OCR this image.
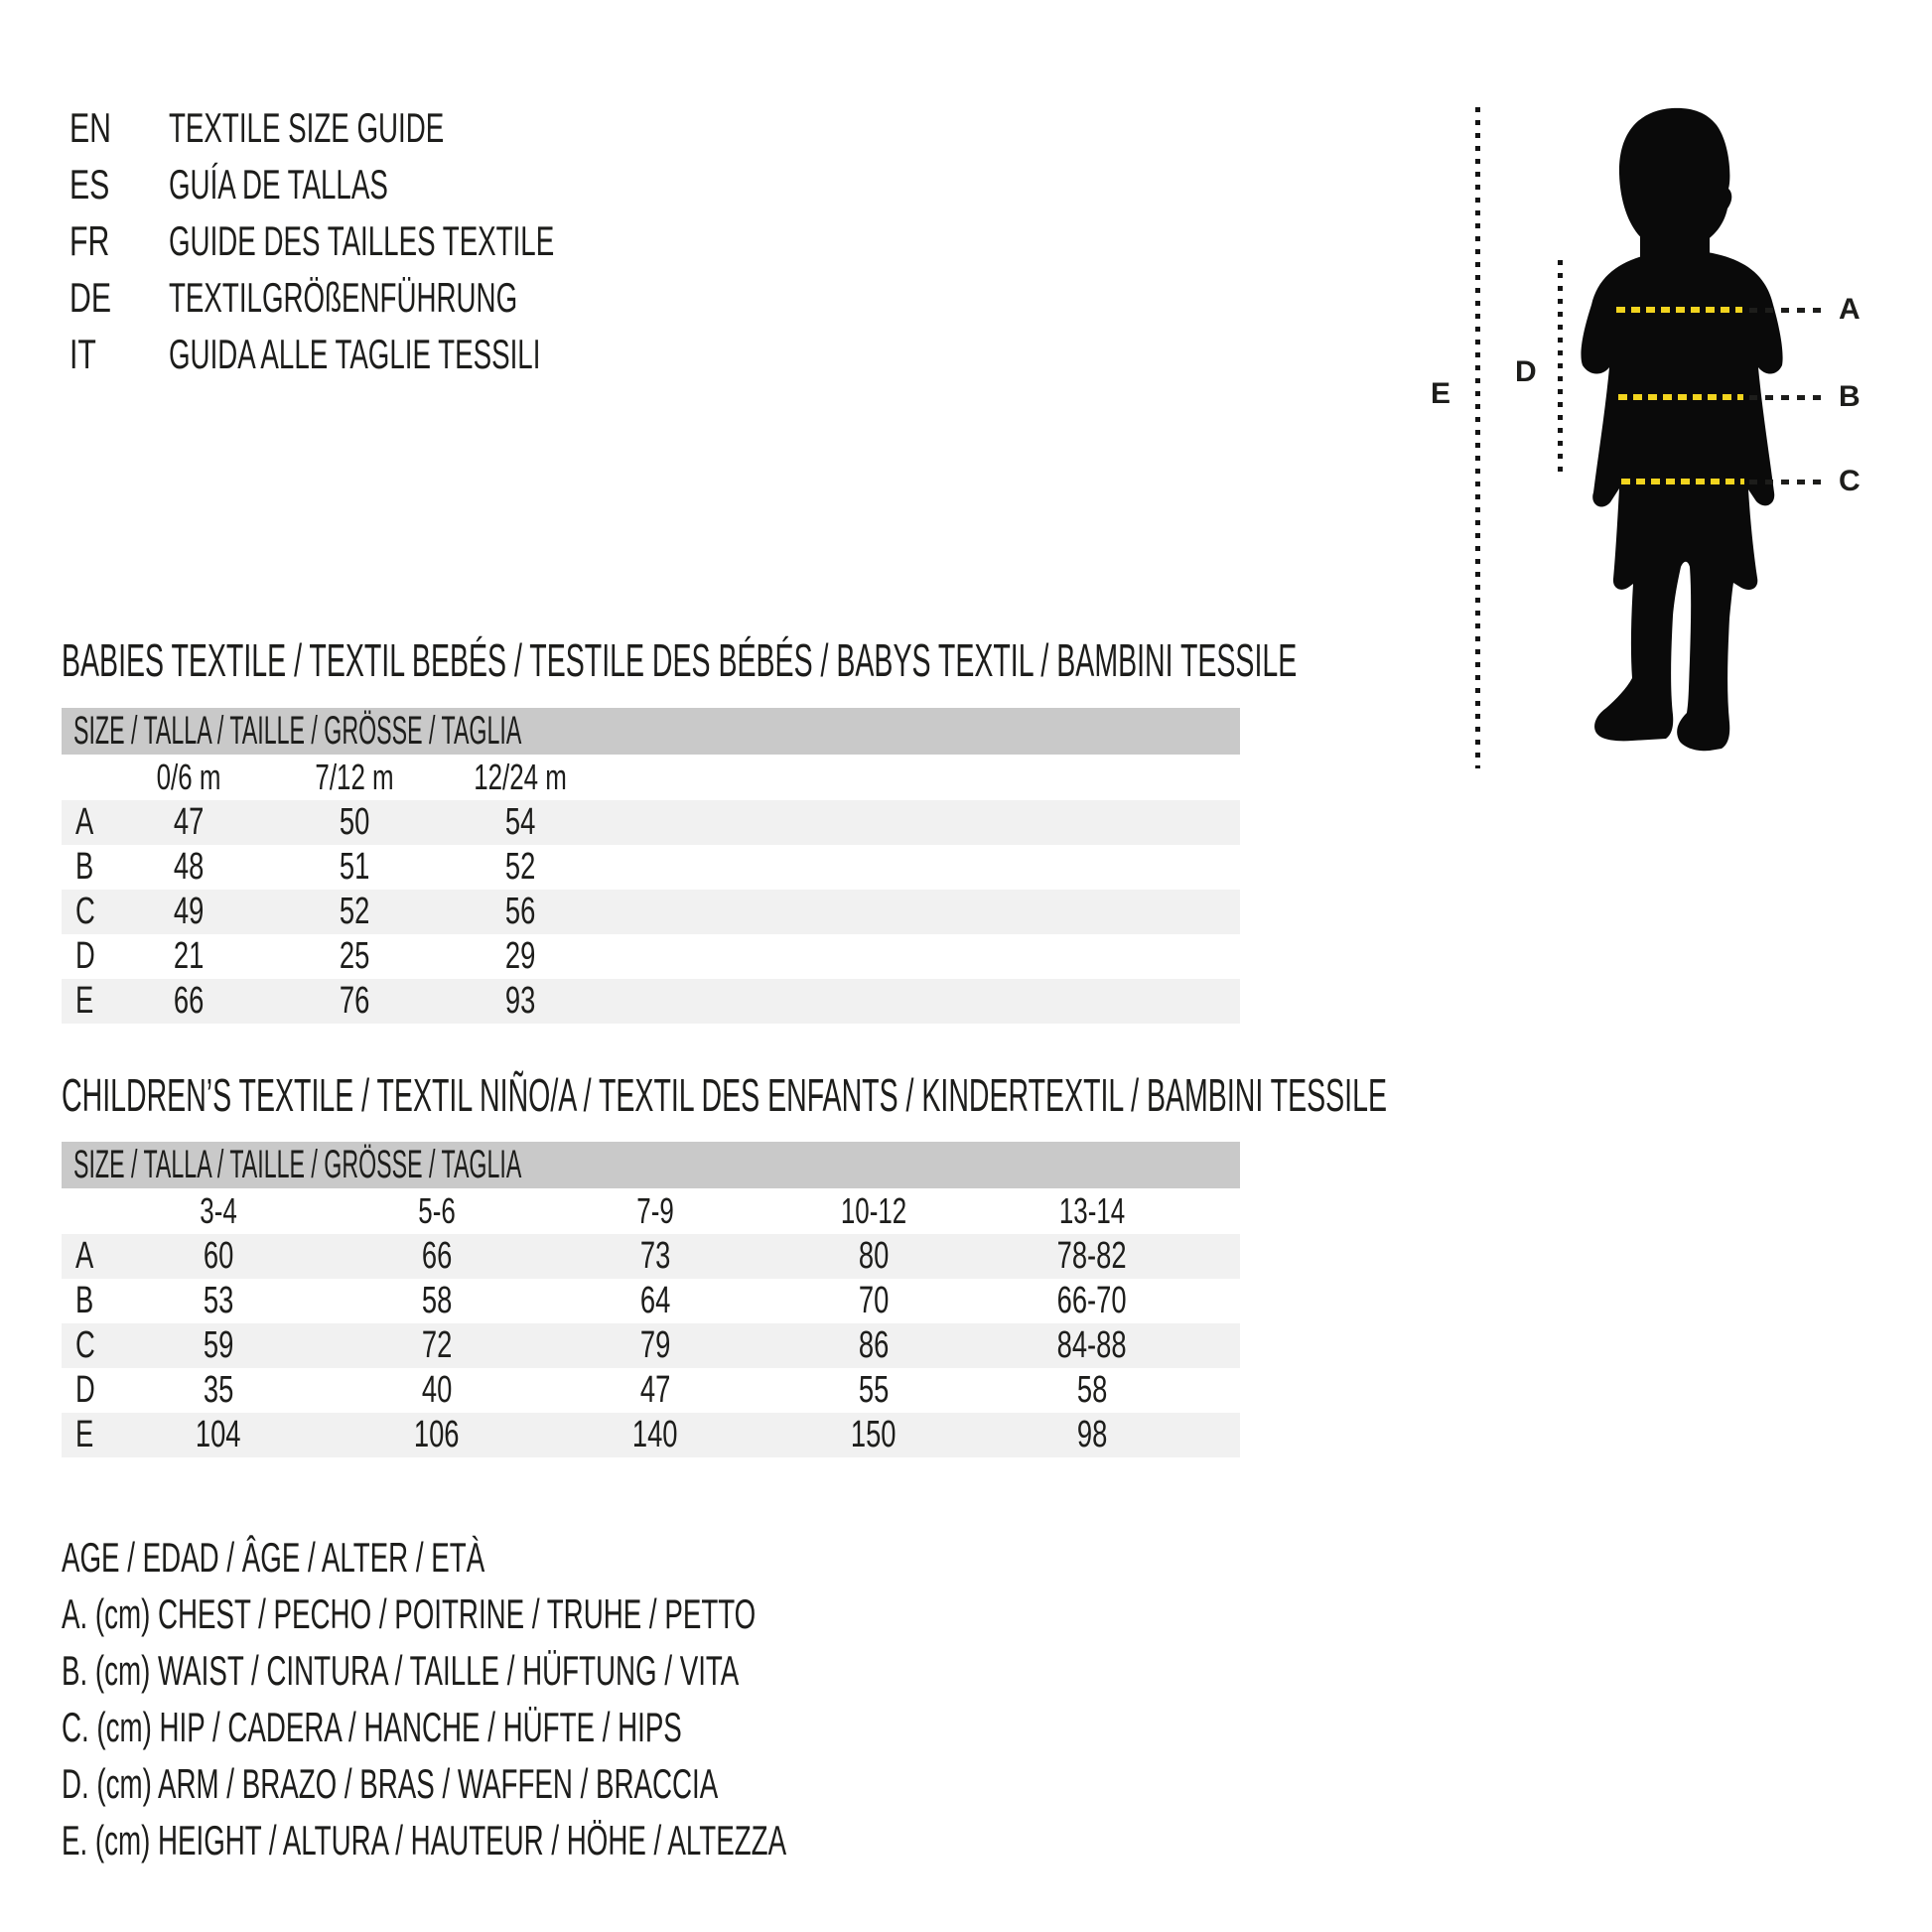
EN TEXTILE SIZE GUIDE
ES GUÍA DE TALLAS
FR GUIDE DES TAILLES TEXTILE
DE TEXTILGRÖßENFÜHRUNG
IT	GUIDA ALLE TAGLIE TESSILI
E
D
A
B
C
BABIES TEXTILE / TEXTIL BEBÉS / TESTILE DES BÉBÉS / BABYS TEXTIL / BAMBINI TESSILE
SIZE / TALLA / TAILLE / GRÖSSE / TAGLIA
0/6 m	7/12 m	12/24 m
A	47	50	54
B	48	51	52
C	49	52	56
D	21	25	29
E	66	76	93
CHILDREN’S TEXTILE / TEXTIL NIÑO/A / TEXTIL DES ENFANTS / KINDERTEXTIL / BAMBINI TESSILE
SIZE / TALLA / TAILLE / GRÖSSE / TAGLIA
3-4	5-6	7-9	10-12	13-14
A	60	66	73	80	78-82
B	53	58	64	70	66-70
C	59	72	79	86	84-88
D	35	40	47	55	58
E	104	106	140	150	98
AGE / EDAD / ÂGE / ALTER / ETÀ
A. (cm) CHEST / PECHO / POITRINE / TRUHE / PETTO
B. (cm) WAIST / CINTURA / TAILLE / HÜFTUNG / VITA
C. (cm) HIP / CADERA / HANCHE / HÜFTE / HIPS
D. (cm) ARM / BRAZO / BRAS / WAFFEN / BRACCIA
E. (cm) HEIGHT / ALTURA / HAUTEUR / HÖHE / ALTEZZA
